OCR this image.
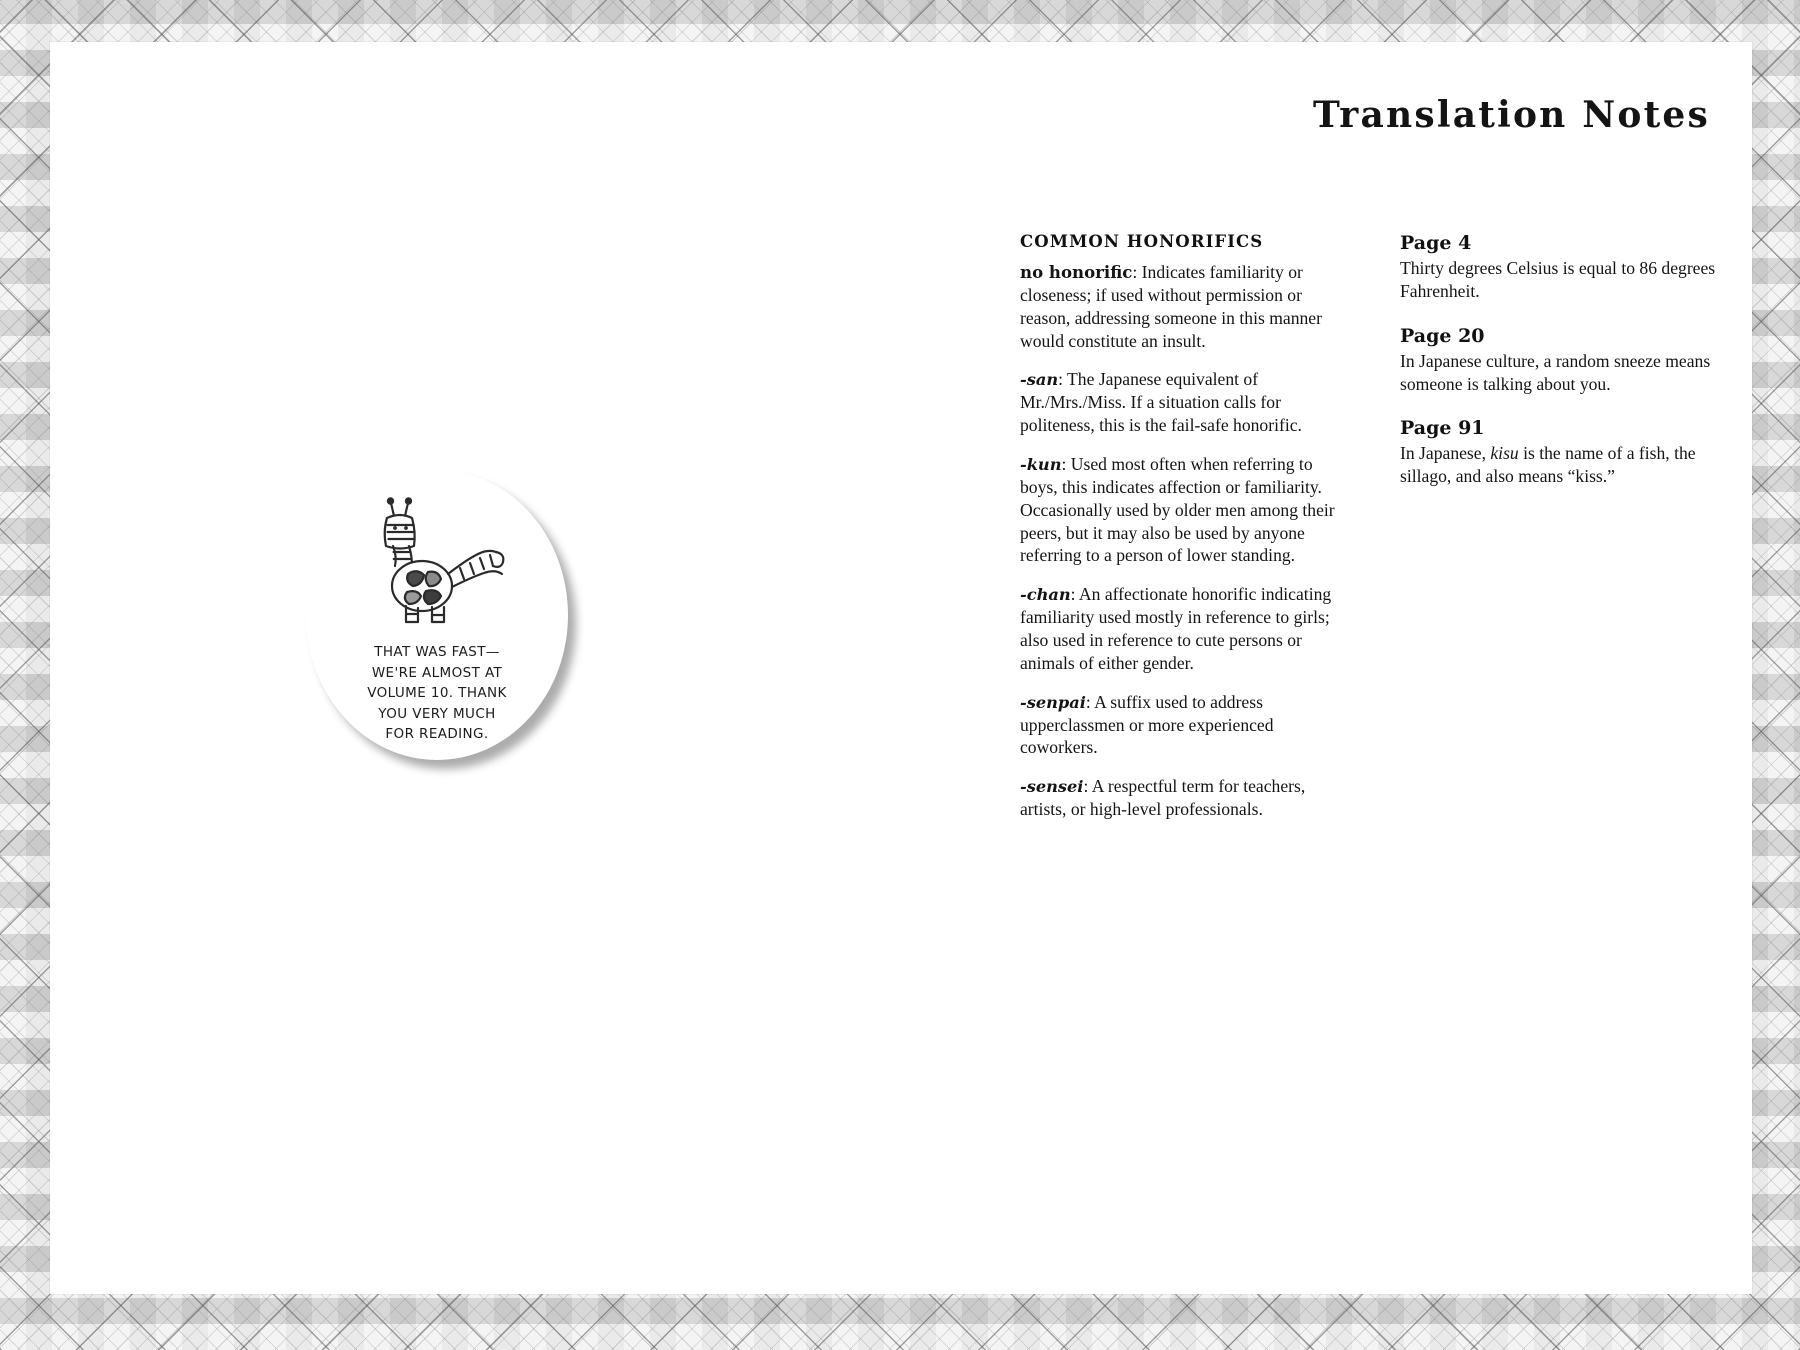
Translation Notes
THAT WAS FAST—
WE'RE ALMOST AT
VOLUME 10. THANK
YOU VERY MUCH
FOR READING.
COMMON HONORIFICS

no honorific: Indicates familiarity or closeness; if used without permission or reason, addressing someone in this manner would constitute an insult.

-san: The Japanese equivalent of Mr./Mrs./Miss. If a situation calls for politeness, this is the fail-safe honorific.

-kun: Used most often when referring to boys, this indicates affection or familiarity. Occasionally used by older men among their peers, but it may also be used by anyone referring to a person of lower standing.

-chan: An affectionate honorific indicating familiarity used mostly in reference to girls; also used in reference to cute persons or animals of either gender.

-senpai: A suffix used to address upperclassmen or more experienced coworkers.

-sensei: A respectful term for teachers, artists, or high-level professionals.

Page 4

Thirty degrees Celsius is equal to 86 degrees Fahrenheit.

Page 20

In Japanese culture, a random sneeze means someone is talking about you.

Page 91

In Japanese, kisu is the name of a fish, the sillago, and also means “kiss.”
